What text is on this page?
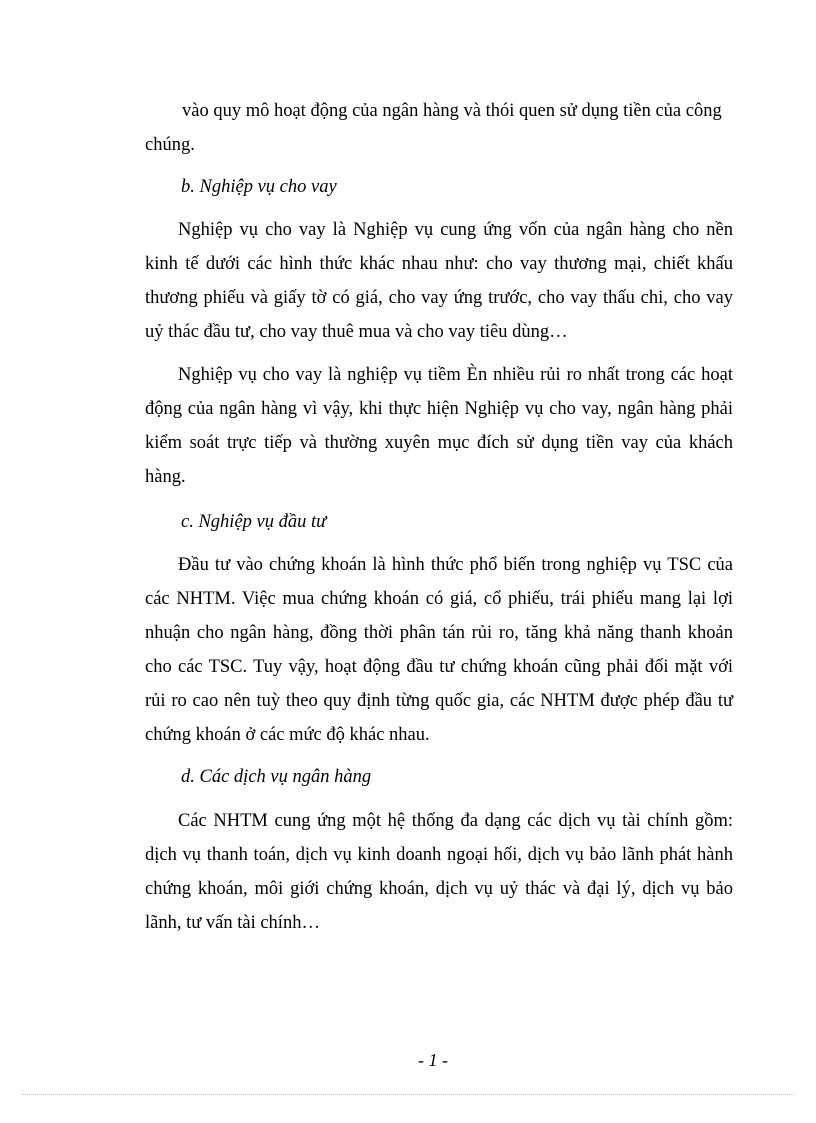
vào quy mô hoạt động của ngân hàng và thói quen sử dụng tiền của công
chúng.

b. Nghiệp vụ cho vay

Nghiệp vụ cho vay là Nghiệp vụ cung ứng vốn của ngân hàng cho nền kinh tế dưới các hình thức khác nhau như: cho vay thương mại, chiết khấu thương phiếu và giấy tờ có giá, cho vay ứng trước, cho vay thấu chi, cho vay uỷ thác đầu tư, cho vay thuê mua và cho vay tiêu dùng…

Nghiệp vụ cho vay là nghiệp vụ tiềm Èn nhiều rủi ro nhất trong các hoạt động của ngân hàng vì vậy, khi thực hiện Nghiệp vụ cho vay, ngân hàng phải kiểm soát trực tiếp và thường xuyên mục đích sử dụng tiền vay của khách hàng.

c. Nghiệp vụ đầu tư

Đầu tư vào chứng khoán là hình thức phổ biến trong nghiệp vụ TSC của các NHTM. Việc mua chứng khoán có giá, cổ phiếu, trái phiếu mang lại lợi nhuận cho ngân hàng, đồng thời phân tán rủi ro, tăng khả năng thanh khoản cho các TSC. Tuy vậy, hoạt động đầu tư chứng khoán cũng phải đối mặt với rủi ro cao nên tuỳ theo quy định từng quốc gia, các NHTM được phép đầu tư chứng khoán ở các mức độ khác nhau.

d. Các dịch vụ ngân hàng

Các NHTM cung ứng một hệ thống đa dạng các dịch vụ tài chính gồm: dịch vụ thanh toán, dịch vụ kinh doanh ngoại hối, dịch vụ bảo lãnh phát hành chứng khoán, môi giới chứng khoán, dịch vụ uỷ thác và đại lý, dịch vụ bảo lãnh, tư vấn tài chính…

- 1 -
